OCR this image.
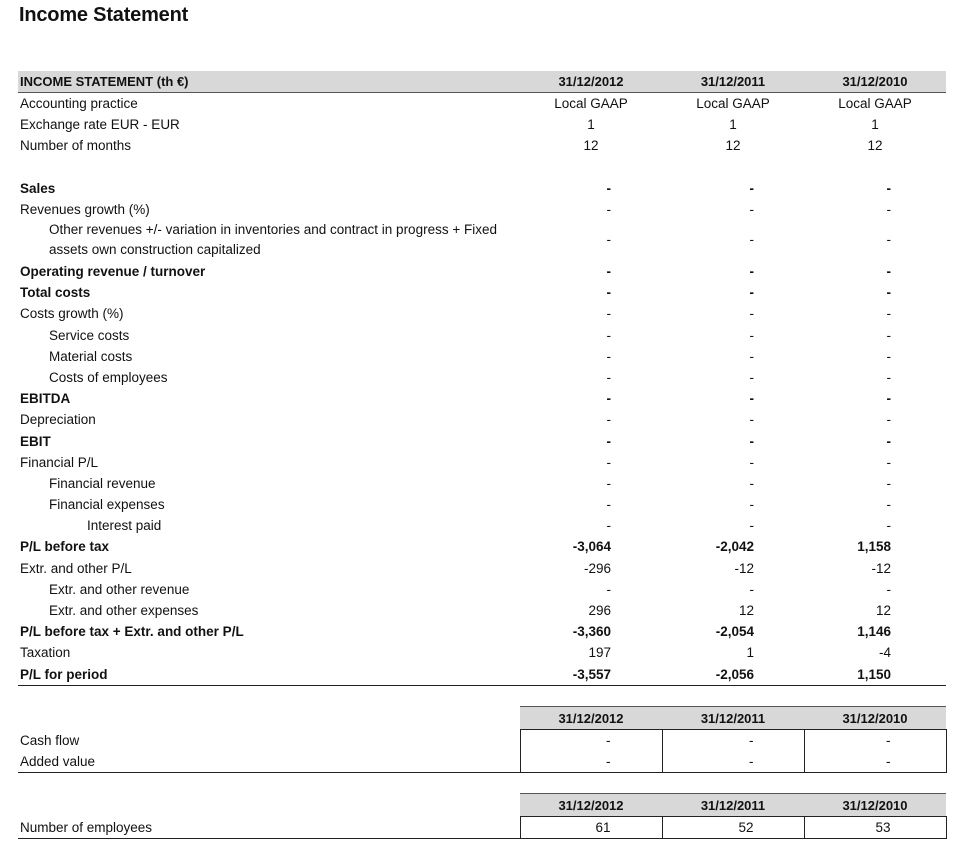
Income Statement
INCOME STATEMENT (th €)	31/12/2012	31/12/2011	31/12/2010
Accounting practice	Local GAAP	Local GAAP	Local GAAP
Exchange rate EUR - EUR	1	1	1
Number of months	12	12	12

Sales	-	-	-
Revenues growth (%)	-	-	-
Other revenues +/- variation in inventories and contract in progress + Fixed assets own construction capitalized	-	-	-
Operating revenue / turnover	-	-	-
Total costs	-	-	-
Costs growth (%)	-	-	-
Service costs	-	-	-
Material costs	-	-	-
Costs of employees	-	-	-
EBITDA	-	-	-
Depreciation	-	-	-
EBIT	-	-	-
Financial P/L	-	-	-
Financial revenue	-	-	-
Financial expenses	-	-	-
Interest paid	-	-	-
P/L before tax	-3,064	-2,042	1,158
Extr. and other P/L	-296	-12	-12
Extr. and other revenue	-	-	-
Extr. and other expenses	296	12	12
P/L before tax + Extr. and other P/L	-3,360	-2,054	1,146
Taxation	197	1	-4
P/L for period	-3,557	-2,056	1,150
	31/12/2012	31/12/2011	31/12/2010
Cash flow	-	-	-
Added value	-	-	-
	31/12/2012	31/12/2011	31/12/2010
Number of employees	61	52	53
